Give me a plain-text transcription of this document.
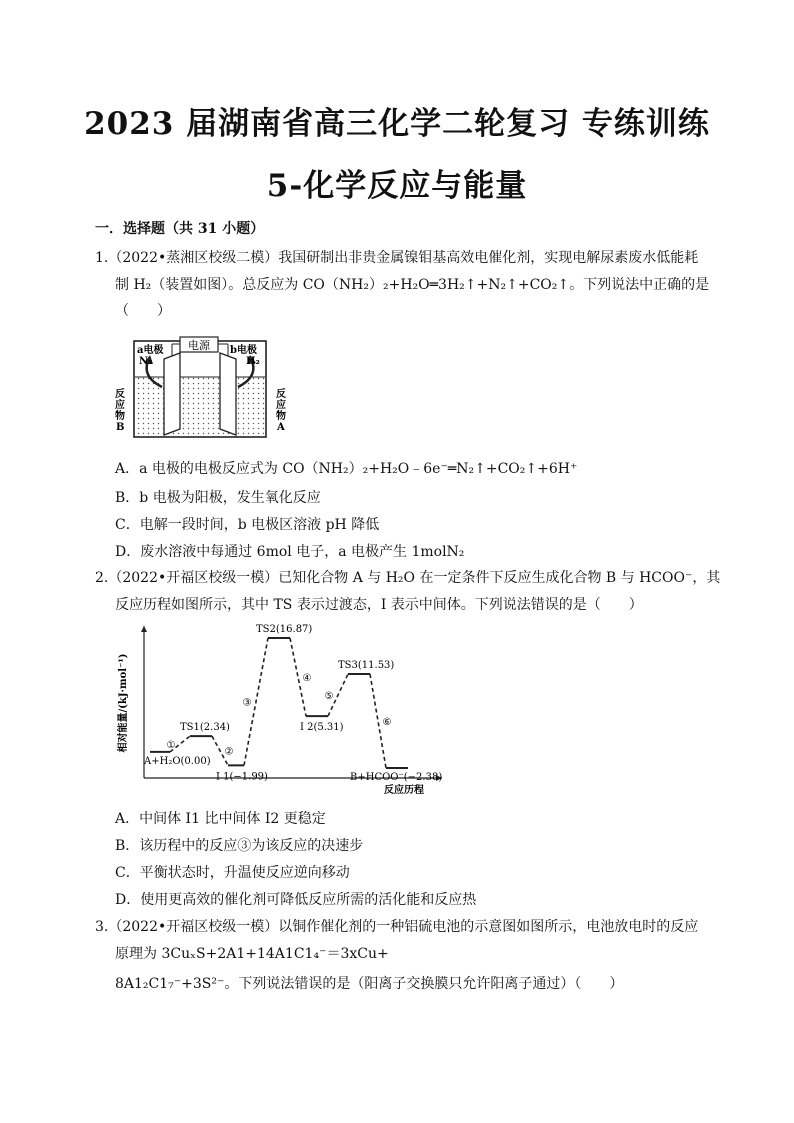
2023 届湖南省高三化学二轮复习 专练训练
5-化学反应与能量
一．选择题（共 31 小题）
1.（2022•蒸湘区校级二模）我国研制出非贵金属镍钼基高效电催化剂，实现电解尿素废水低能耗
制 H₂（装置如图）。总反应为 CO（NH₂）₂+H₂O═3H₂↑+N₂↑+CO₂↑。下列说法中正确的是
（　　）
电源
a电极
N₂
b电极
H₂
反
应
物
B
反
应
物
A
A．a 电极的电极反应式为 CO（NH₂）₂+H₂O﹣6e⁻═N₂↑+CO₂↑+6H⁺
B．b 电极为阳极，发生氧化反应
C．电解一段时间，b 电极区溶液 pH 降低
D．废水溶液中每通过 6mol 电子，a 电极产生 1molN₂
2.（2022•开福区校级一模）已知化合物 A 与 H₂O 在一定条件下反应生成化合物 B 与 HCOO⁻，其
反应历程如图所示，其中 TS 表示过渡态，I 表示中间体。下列说法错误的是（　　）
相对能量/(kJ·mol⁻¹)
反应历程
A+H₂O(0.00)
TS1(2.34)
I 1(−1.99)
TS2(16.87)
I 2(5.31)
TS3(11.53)
B+HCOO⁻(−2.38)
①
②
③
④
⑤
⑥
A．中间体 I1 比中间体 I2 更稳定
B．该历程中的反应③为该反应的决速步
C．平衡状态时，升温使反应逆向移动
D．使用更高效的催化剂可降低反应所需的活化能和反应热
3.（2022•开福区校级一模）以铜作催化剂的一种铝硫电池的示意图如图所示，电池放电时的反应
原理为 3CuₓS+2A1+14A1C1₄⁻＝3xCu+
8A1₂C1₇⁻+3S²⁻。下列说法错误的是（阳离子交换膜只允许阳离子通过）（　　）
